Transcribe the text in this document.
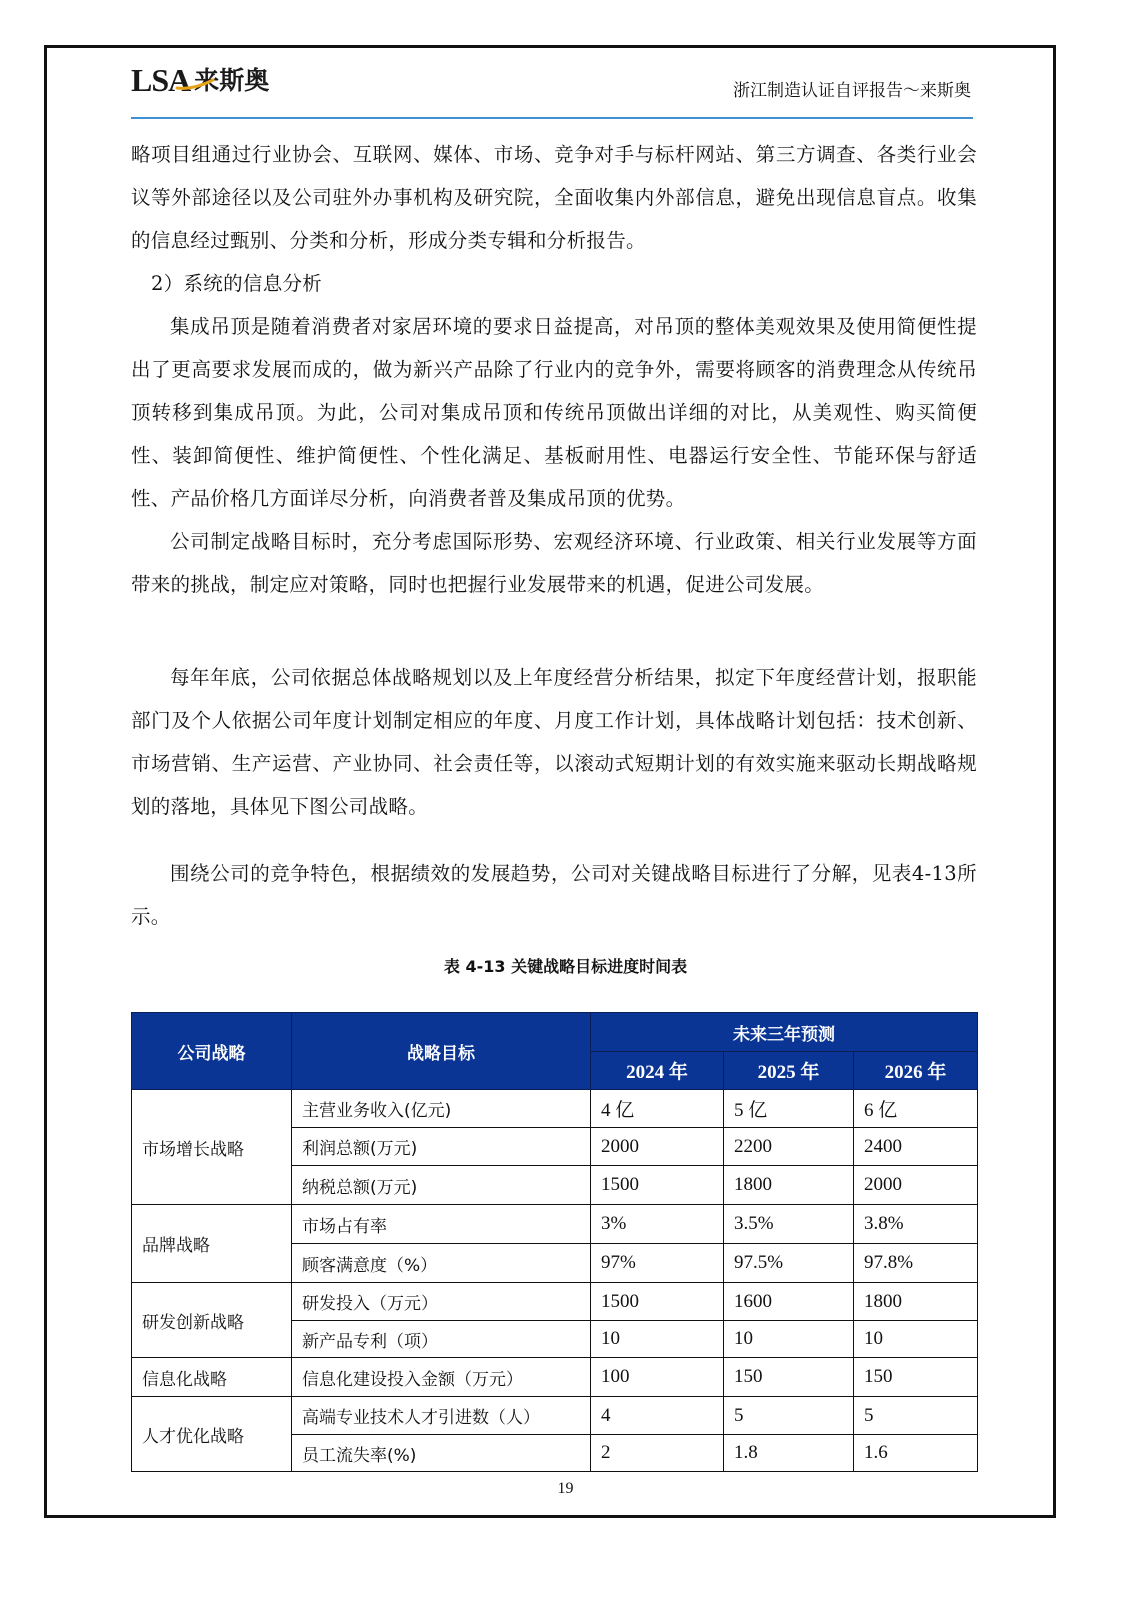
LSA 来斯奥	浙江制造认证自评报告～来斯奥

略项目组通过行业协会、互联网、媒体、市场、竞争对手与标杆网站、第三方调查、各类行业会议等外部途径以及公司驻外办事机构及研究院，全面收集内外部信息，避免出现信息盲点。收集的信息经过甄别、分类和分析，形成分类专辑和分析报告。

2）系统的信息分析

集成吊顶是随着消费者对家居环境的要求日益提高，对吊顶的整体美观效果及使用简便性提出了更高要求发展而成的，做为新兴产品除了行业内的竞争外，需要将顾客的消费理念从传统吊顶转移到集成吊顶。为此，公司对集成吊顶和传统吊顶做出详细的对比，从美观性、购买简便性、装卸简便性、维护简便性、个性化满足、基板耐用性、电器运行安全性、节能环保与舒适性、产品价格几方面详尽分析，向消费者普及集成吊顶的优势。

公司制定战略目标时，充分考虑国际形势、宏观经济环境、行业政策、相关行业发展等方面带来的挑战，制定应对策略，同时也把握行业发展带来的机遇，促进公司发展。

每年年底，公司依据总体战略规划以及上年度经营分析结果，拟定下年度经营计划，报职能部门及个人依据公司年度计划制定相应的年度、月度工作计划，具体战略计划包括：技术创新、市场营销、生产运营、产业协同、社会责任等，以滚动式短期计划的有效实施来驱动长期战略规划的落地，具体见下图公司战略。

围绕公司的竞争特色，根据绩效的发展趋势，公司对关键战略目标进行了分解，见表4-13所示。

表 4-13 关键战略目标进度时间表
公司战略	战略目标	未来三年预测		
		2024 年	2025 年	2026 年
市场增长战略	主营业务收入(亿元)	4 亿	5 亿	6 亿
	利润总额(万元)	2000	2200	2400
	纳税总额(万元)	1500	1800	2000
品牌战略	市场占有率	3%	3.5%	3.8%
	顾客满意度（%）	97%	97.5%	97.8%
研发创新战略	研发投入（万元）	1500	1600	1800
	新产品专利（项）	10	10	10
信息化战略	信息化建设投入金额（万元）	100	150	150
人才优化战略	高端专业技术人才引进数（人）	4	5	5
	员工流失率(%)	2	1.8	1.6
19
